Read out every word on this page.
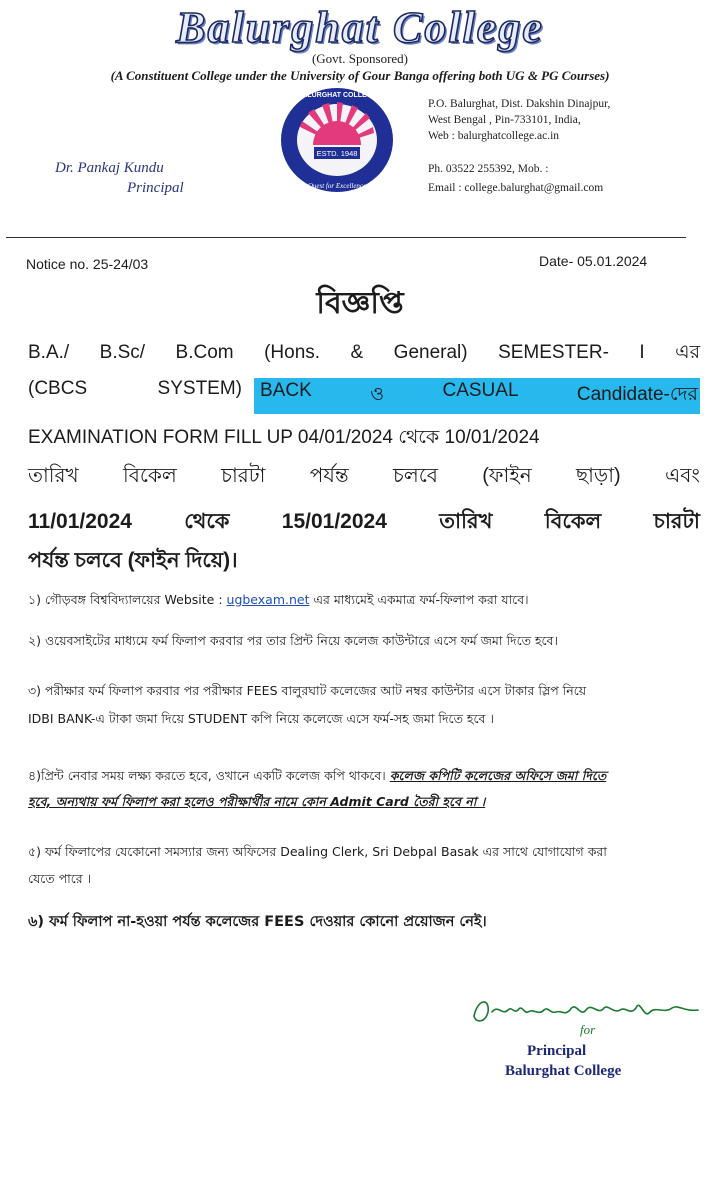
Balurghat College
(Govt. Sponsored)
(A Constituent College under the University of Gour Banga offering both UG & PG Courses)
ESTD. 1948
BALURGHAT COLLEGE
Quest for Excellence
P.O. Balurghat, Dist. Dakshin Dinajpur,
West Bengal , Pin-733101, India,
Web : balurghatcollege.ac.in
Ph. 03522 255392, Mob. :
Email : college.balurghat@gmail.com
Dr. Pankaj Kundu
Principal
Notice no. 25-24/03	Date- 05.01.2024
বিজ্ঞপ্তি
B.A./ B.Sc/ B.Com (Hons. & General) SEMESTER- I এর
(CBCS	SYSTEM) BACK	ও	CASUAL	Candidate-দের
EXAMINATION FORM FILL UP 04/01/2024 থেকে 10/01/2024
তারিখ বিকেল চারটা পর্যন্ত চলবে (ফাইন ছাড়া) এবং
11/01/2024 থেকে 15/01/2024 তারিখ বিকেল চারটা
পর্যন্ত চলবে (ফাইন দিয়ে)।
১) গৌড়বঙ্গ বিশ্ববিদ্যালয়ের Website : ugbexam.net এর মাধ্যমেই একমাত্র ফর্ম-ফিলাপ করা যাবে।
২) ওয়েবসাইটের মাধ্যমে ফর্ম ফিলাপ করবার পর তার প্রিন্ট নিয়ে কলেজ কাউন্টারে এসে ফর্ম জমা দিতে হবে।
৩) পরীক্ষার ফর্ম ফিলাপ করবার পর পরীক্ষার FEES বালুরঘাট কলেজের আট নম্বর কাউন্টার এসে টাকার স্লিপ নিয়ে
IDBI BANK-এ টাকা জমা দিয়ে STUDENT কপি নিয়ে কলেজে এসে ফর্ম-সহ জমা দিতে হবে ।
৪)প্রিন্ট নেবার সময় লক্ষ্য করতে হবে, ওখানে একটি কলেজ কপি থাকবে। কলেজ কপিটি কলেজের অফিসে জমা দিতে
হবে, অন্যথায় ফর্ম ফিলাপ করা হলেও পরীক্ষার্থীর নামে কোন Admit Card তৈরী হবে না ।
৫) ফর্ম ফিলাপের যেকোনো সমস্যার জন্য অফিসের Dealing Clerk, Sri Debpal Basak এর সাথে যোগাযোগ করা
যেতে পারে ।
৬) ফর্ম ফিলাপ না-হওয়া পর্যন্ত কলেজের FEES দেওয়ার কোনো প্রয়োজন নেই।
for
Principal
Balurghat College
